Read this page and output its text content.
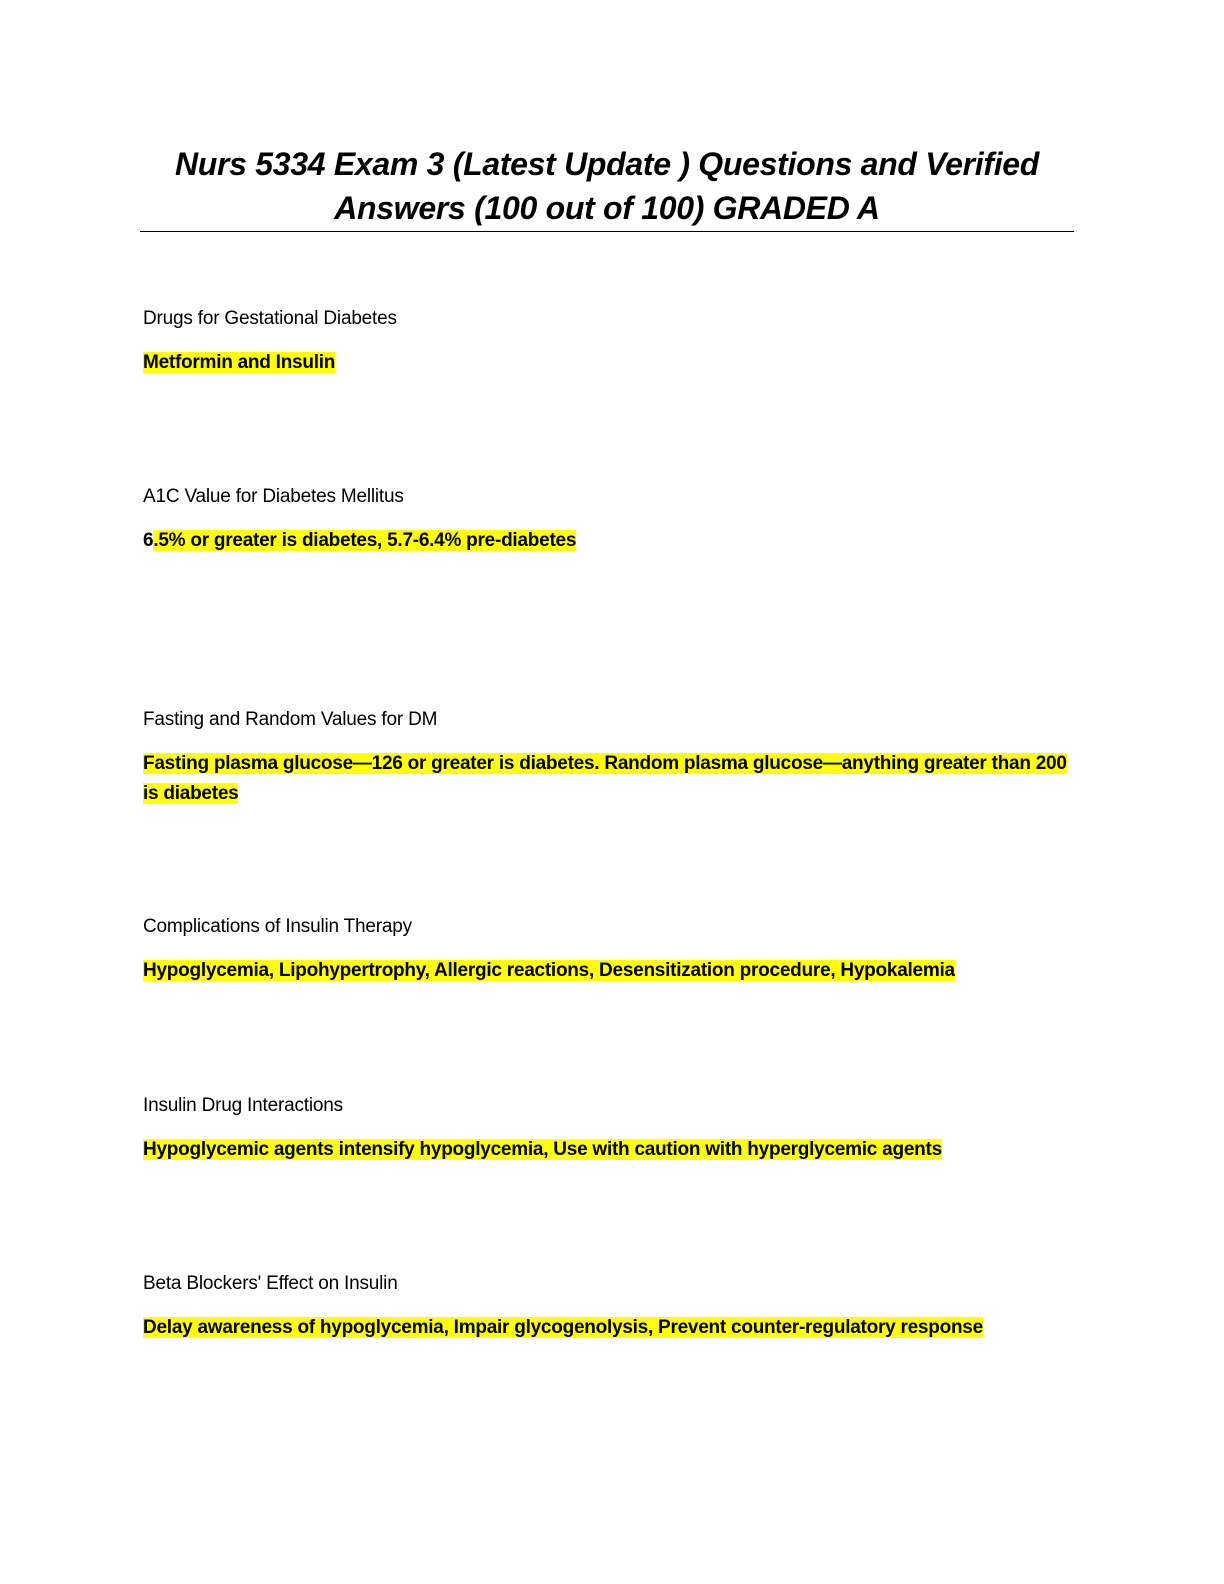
Nurs 5334 Exam 3 (Latest Update ) Questions and Verified
Answers (100 out of 100) GRADED A

Drugs for Gestational Diabetes

Metformin and Insulin

A1C Value for Diabetes Mellitus

6.5% or greater is diabetes, 5.7-6.4% pre-diabetes

Fasting and Random Values for DM

Fasting plasma glucose—126 or greater is diabetes. Random plasma glucose—anything greater than 200 is diabetes

Complications of Insulin Therapy

Hypoglycemia, Lipohypertrophy, Allergic reactions, Desensitization procedure, Hypokalemia

Insulin Drug Interactions

Hypoglycemic agents intensify hypoglycemia, Use with caution with hyperglycemic agents

Beta Blockers' Effect on Insulin

Delay awareness of hypoglycemia, Impair glycogenolysis, Prevent counter-regulatory response
